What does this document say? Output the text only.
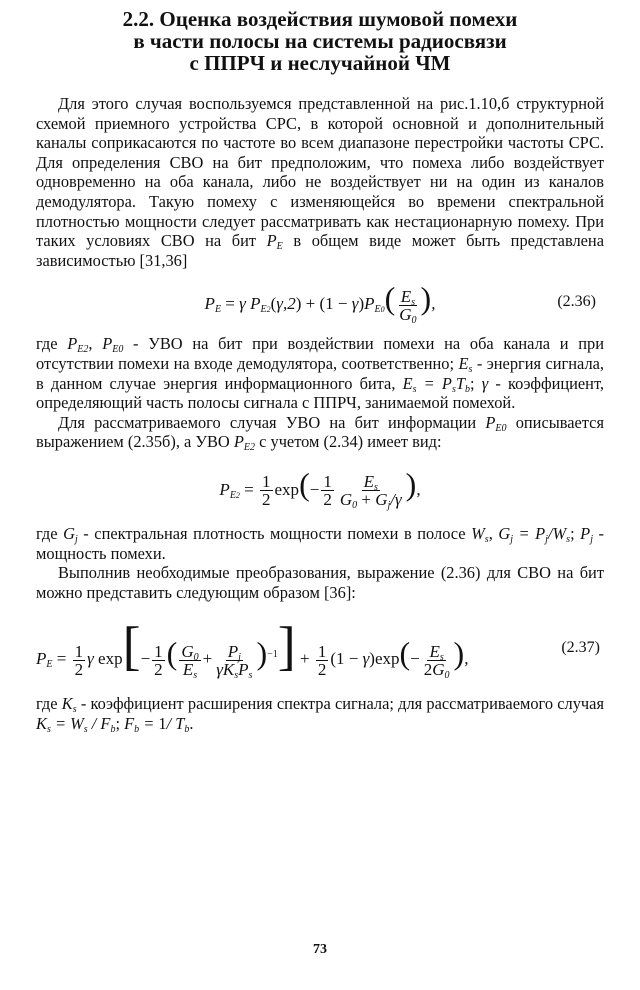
2.2. Оценка воздействия шумовой помехи
в части полосы на системы радиосвязи
с ППРЧ и неслучайной ЧМ

Для этого случая воспользуемся представленной на рис.1.10,б структурной схемой приемного устройства СРС, в которой основной и дополнительный каналы соприкасаются по частоте во всем диапазоне перестройки частоты СРС. Для определения СВО на бит предположим, что помеха либо воздействует одновременно на оба канала, либо не воздействует ни на один из каналов демодулятора. Такую помеху с изменяющейся во времени спектральной плотностью мощности следует рассматривать как нестационарную помеху. При таких условиях СВО на бит $P_E$ в общем виде может быть представлена зависимостью [31,36]

$P_E = \gamma$ $P_{E2}(\gamma,2) + (1 - \gamma)P_{E0}( \frac{E_s}{G_0}$ ),	(2.36)

где $P_{E2}$, $P_{E0}$ - УВО на бит при воздействии помехи на оба канала и при отсутствии помехи на входе демодулятора, соответственно; $E_s$ - энергия сигнала, в данном случае энергия информационного бита, $E_s = P_sT_b$; γ - коэффициент, определяющий часть полосы сигнала с ППРЧ, занимаемой помехой.

Для рассматриваемого случая УВО на бит информации $P_{E0}$ описывается выражением (2.35б), а УВО $P_{E2}$ с учетом (2.34) имеет вид:

$P_{E2} = \frac{1}{2} \exp(- \frac{1}{2} \frac{E_s}{G_0 + G_j/\gamma}$ ),

где $G_j$ - спектральная плотность мощности помехи в полосе $W_s$, $G_j = P_j/W_s$; $P_j$ - мощность помехи.

Выполнив необходимые преобразования, выражение (2.36) для СВО на бит можно представить следующим образом [36]:

$P_E = \frac{1}{2}$ γ $\exp[- \frac{1}{2}$ ( $\frac{G_0}{E_s} + \frac{P_j}{\gamma K_sP_s} )^{-1}] + \frac{1}{2} (1 - \gamma)\exp(- \frac{E_s}{2G_0}$ ),
(2.37)

где $K_s$ - коэффициент расширения спектра сигнала; для рассматриваемого случая $K_s = W_s / F_b$; $F_b = 1/$ $T_b$.

73
